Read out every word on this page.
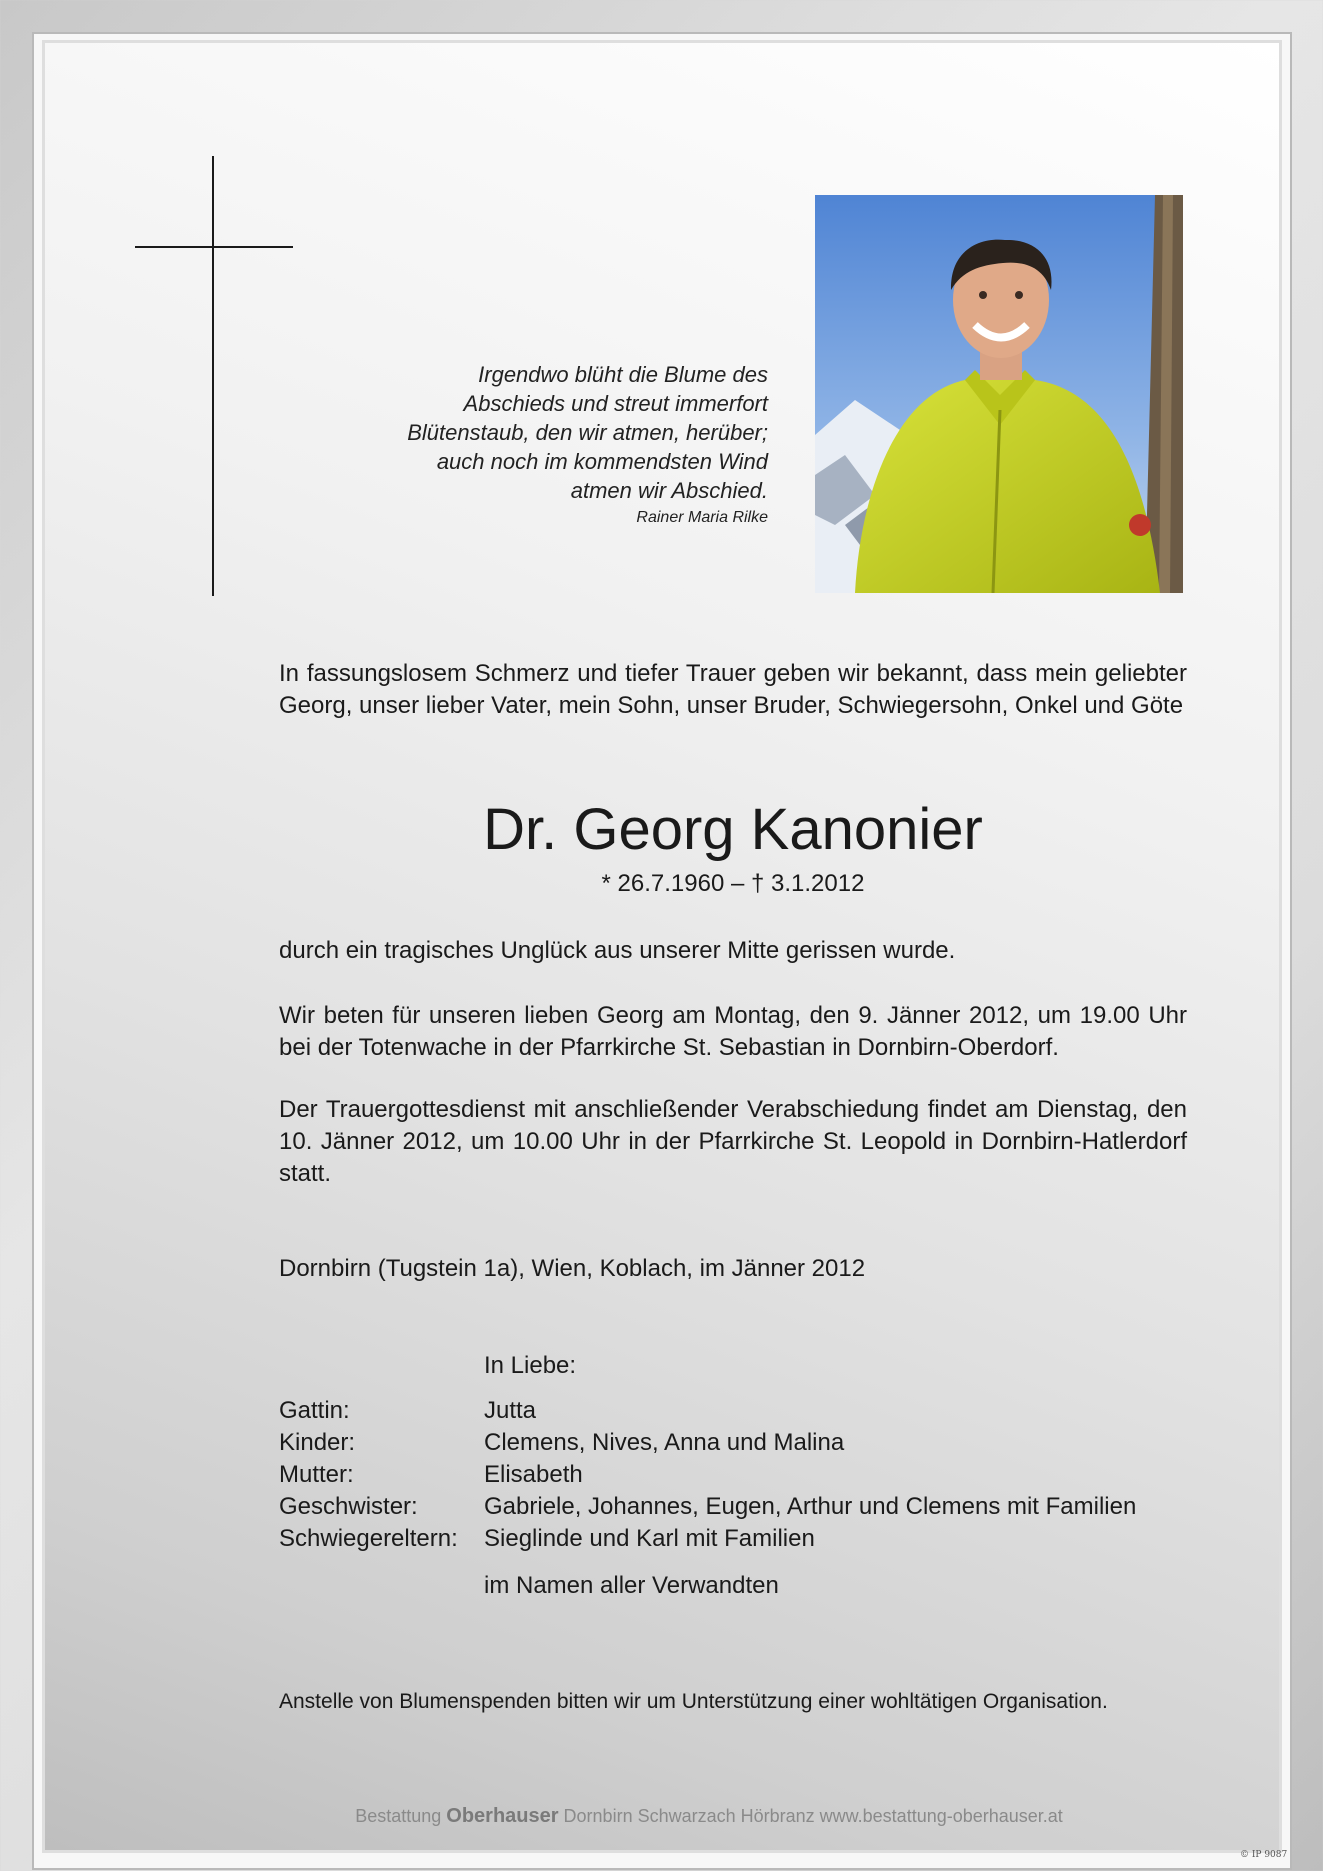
Irgendwo blüht die Blume des
Abschieds und streut immerfort
Blütenstaub, den wir atmen, herüber;
auch noch im kommendsten Wind
atmen wir Abschied.
Rainer Maria Rilke
In fassungslosem Schmerz und tiefer Trauer geben wir bekannt, dass mein geliebter Georg, unser lieber Vater, mein Sohn, unser Bruder, Schwiegersohn, Onkel und Göte
Dr. Georg Kanonier
* 26.7.1960 – † 3.1.2012
durch ein tragisches Unglück aus unserer Mitte gerissen wurde.
Wir beten für unseren lieben Georg am Montag, den 9. Jänner 2012, um 19.00 Uhr bei der Totenwache in der Pfarrkirche St. Sebastian in Dornbirn-Oberdorf.
Der Trauergottesdienst mit anschließender Verabschiedung findet am Dienstag, den 10. Jänner 2012, um 10.00 Uhr in der Pfarrkirche St. Leopold in Dornbirn-Hatlerdorf statt.
Dornbirn (Tugstein 1a), Wien, Koblach, im Jänner 2012
In Liebe:
Gattin:	Jutta
Kinder:	Clemens, Nives, Anna und Malina
Mutter:	Elisabeth
Geschwister:	Gabriele, Johannes, Eugen, Arthur und Clemens mit Familien
Schwiegereltern:	Sieglinde und Karl mit Familien
im Namen aller Verwandten
Anstelle von Blumenspenden bitten wir um Unterstützung einer wohltätigen Organisation.
Bestattung Oberhauser Dornbirn Schwarzach Hörbranz www.bestattung-oberhauser.at
© IP 9087
